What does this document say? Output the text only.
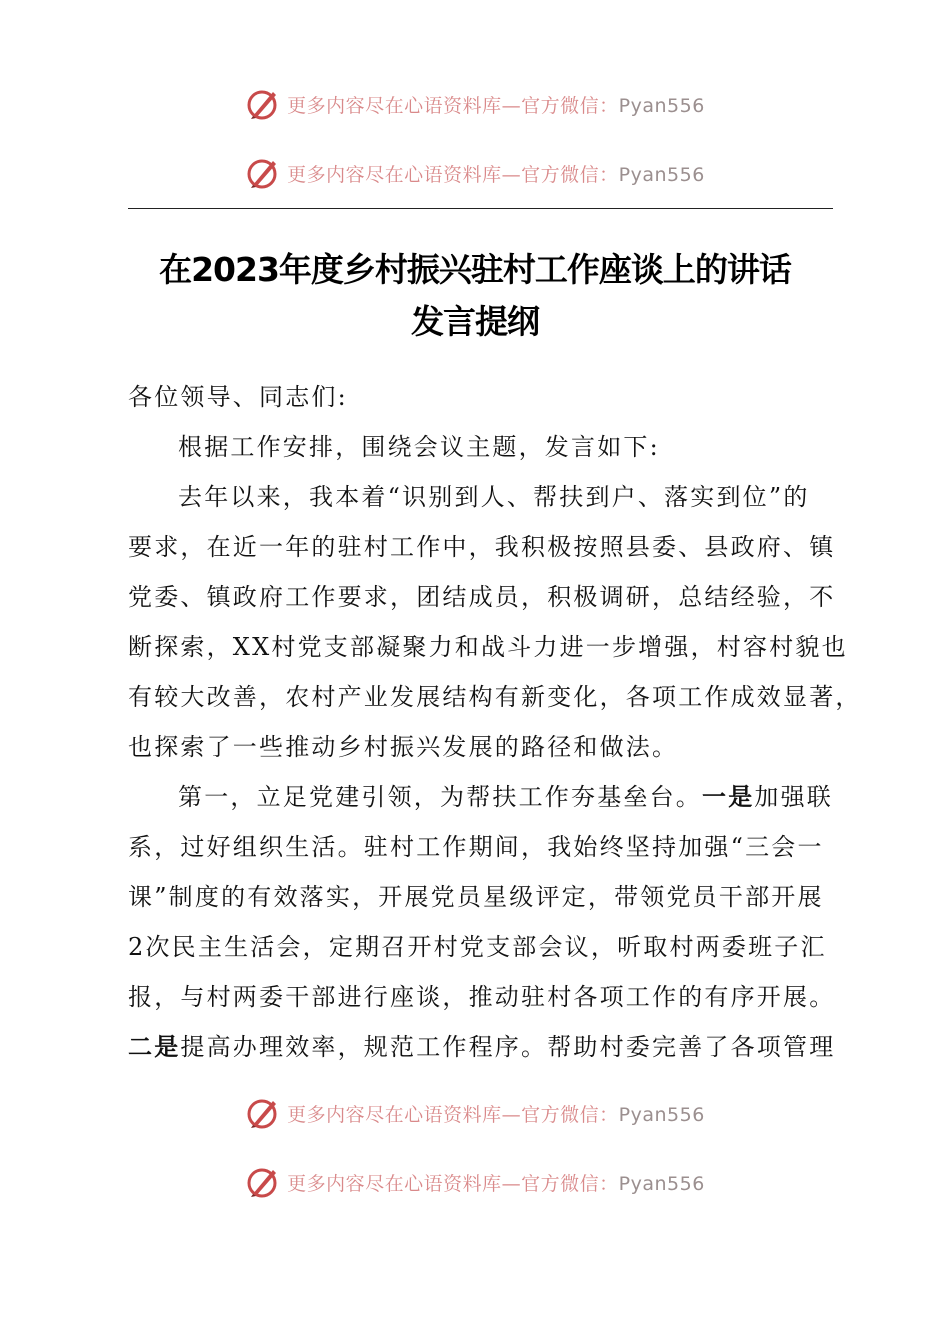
更多内容尽在心语资料库—官方微信：Pyan556
更多内容尽在心语资料库—官方微信：Pyan556
在2023年度乡村振兴驻村工作座谈上的讲话
发言提纲
各位领导、同志们:
根据工作安排，围绕会议主题，发言如下:
去年以来，我本着“识别到人、帮扶到户、落实到位”的
要求，在近一年的驻村工作中，我积极按照县委、县政府、镇
党委、镇政府工作要求，团结成员，积极调研，总结经验，不
断探索，XX村党支部凝聚力和战斗力进一步增强，村容村貌也
有较大改善，农村产业发展结构有新变化，各项工作成效显著，
也探索了一些推动乡村振兴发展的路径和做法。
第一，立足党建引领，为帮扶工作夯基垒台。一是加强联
系，过好组织生活。驻村工作期间，我始终坚持加强“三会一
课”制度的有效落实，开展党员星级评定，带领党员干部开展
2次民主生活会，定期召开村党支部会议，听取村两委班子汇
报，与村两委干部进行座谈，推动驻村各项工作的有序开展。
二是提高办理效率，规范工作程序。帮助村委完善了各项管理
更多内容尽在心语资料库—官方微信：Pyan556
更多内容尽在心语资料库—官方微信：Pyan556
